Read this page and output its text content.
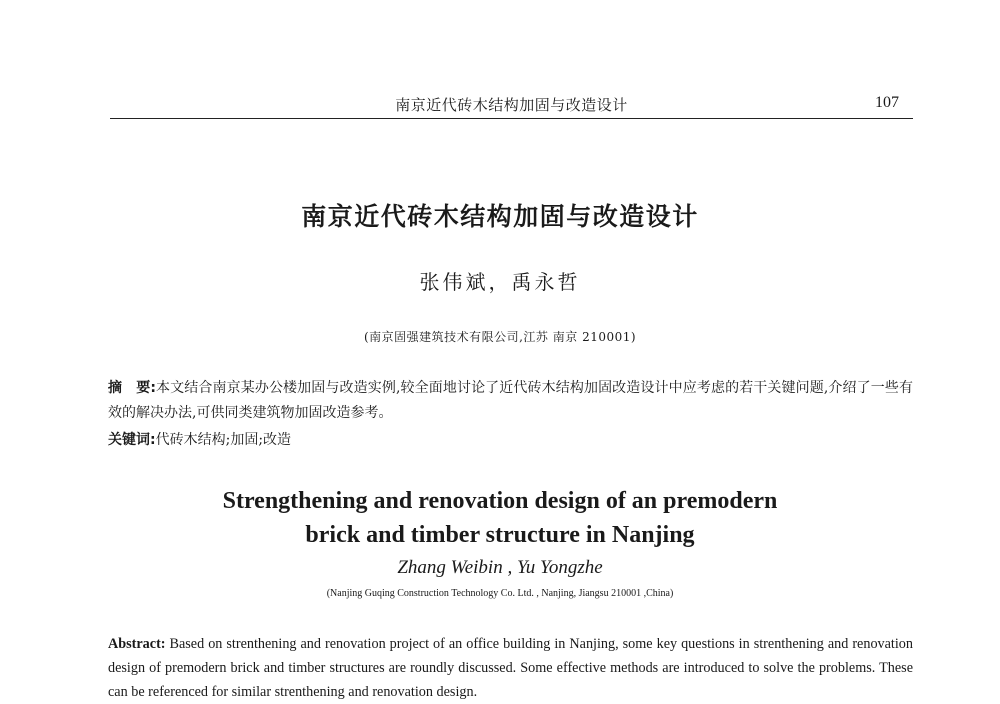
南京近代砖木结构加固与改造设计	107
南京近代砖木结构加固与改造设计
张伟斌，禹永哲
(南京固强建筑技术有限公司,江苏 南京 210001)

摘　要:本文结合南京某办公楼加固与改造实例,较全面地讨论了近代砖木结构加固改造设计中应考虑的若干关键问题,介绍了一些有效的解决办法,可供同类建筑物加固改造参考。

关键词:代砖木结构;加固;改造

Strengthening and renovation design of an premodern
brick and timber structure in Nanjing
Zhang Weibin , Yu Yongzhe
(Nanjing Guqing Construction Technology Co. Ltd. , Nanjing, Jiangsu 210001 ,China)

Abstract: Based on strenthening and renovation project of an office building in Nanjing, some key questions in strenthening and renovation design of premodern brick and timber structures are roundly discussed. Some effective methods are introduced to solve the problems. These can be referenced for similar strenthening and renovation design.
